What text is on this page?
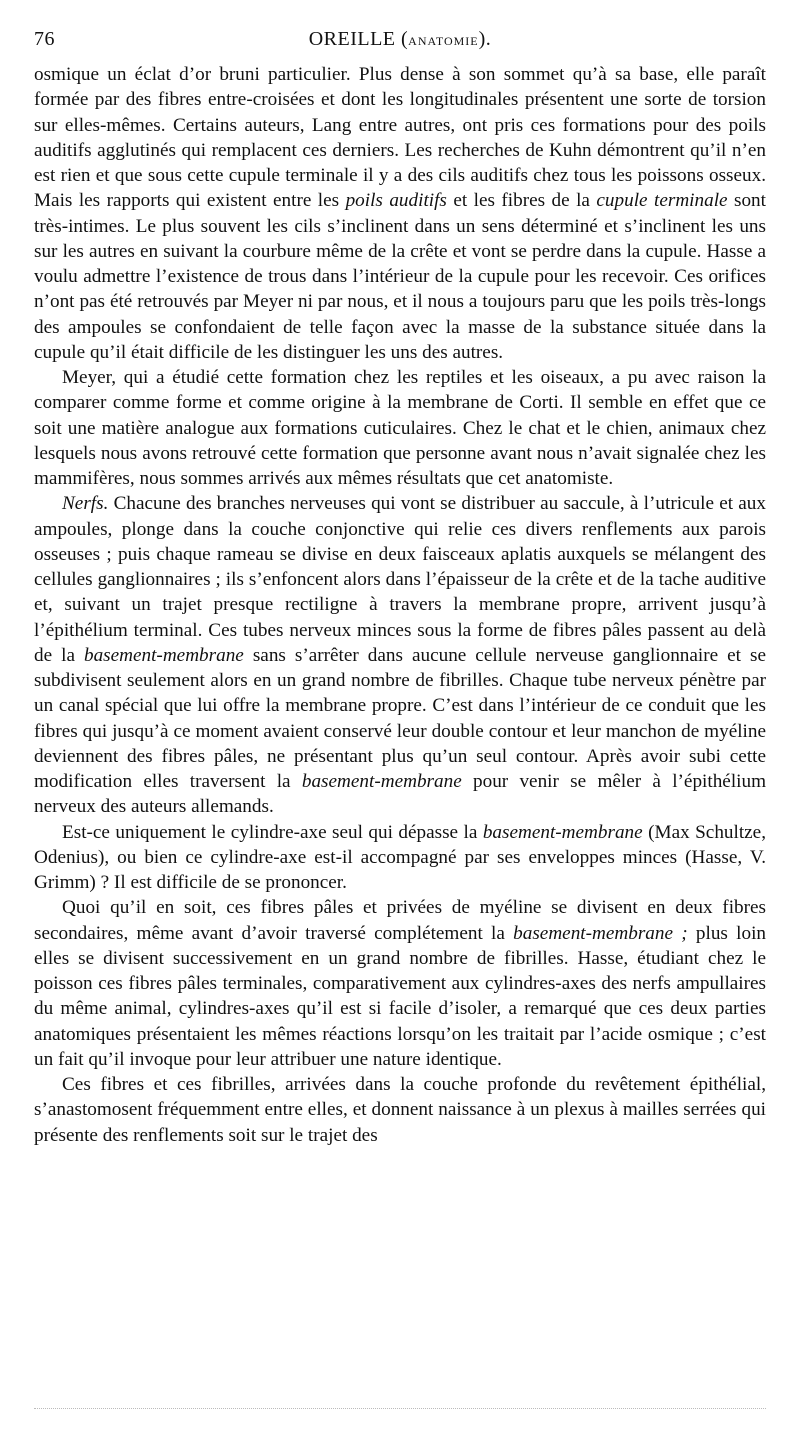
76	OREILLE (anatomie).

osmique un éclat d’or bruni particulier. Plus dense à son sommet qu’à sa base, elle paraît formée par des fibres entre-croisées et dont les longitudinales présentent une sorte de torsion sur elles-mêmes. Certains auteurs, Lang entre autres, ont pris ces formations pour des poils auditifs agglutinés qui remplacent ces derniers. Les recherches de Kuhn démontrent qu’il n’en est rien et que sous cette cupule terminale il y a des cils auditifs chez tous les poissons osseux. Mais les rapports qui existent entre les poils auditifs et les fibres de la cupule terminale sont très-intimes. Le plus souvent les cils s’inclinent dans un sens déterminé et s’inclinent les uns sur les autres en suivant la courbure même de la crête et vont se perdre dans la cupule. Hasse a voulu admettre l’existence de trous dans l’intérieur de la cupule pour les recevoir. Ces orifices n’ont pas été retrouvés par Meyer ni par nous, et il nous a toujours paru que les poils très-longs des ampoules se confondaient de telle façon avec la masse de la substance située dans la cupule qu’il était difficile de les distinguer les uns des autres.

Meyer, qui a étudié cette formation chez les reptiles et les oiseaux, a pu avec raison la comparer comme forme et comme origine à la membrane de Corti. Il semble en effet que ce soit une matière analogue aux formations cuticulaires. Chez le chat et le chien, animaux chez lesquels nous avons retrouvé cette formation que personne avant nous n’avait signalée chez les mammifères, nous sommes arrivés aux mêmes résultats que cet anatomiste.

Nerfs. Chacune des branches nerveuses qui vont se distribuer au saccule, à l’utricule et aux ampoules, plonge dans la couche conjonctive qui relie ces divers renflements aux parois osseuses ; puis chaque rameau se divise en deux faisceaux aplatis auxquels se mélangent des cellules ganglionnaires ; ils s’enfoncent alors dans l’épaisseur de la crête et de la tache auditive et, suivant un trajet presque rectiligne à travers la membrane propre, arrivent jusqu’à l’épithélium terminal. Ces tubes nerveux minces sous la forme de fibres pâles passent au delà de la basement-membrane sans s’arrêter dans aucune cellule nerveuse ganglionnaire et se subdivisent seulement alors en un grand nombre de fibrilles. Chaque tube nerveux pénètre par un canal spécial que lui offre la membrane propre. C’est dans l’intérieur de ce conduit que les fibres qui jusqu’à ce moment avaient conservé leur double contour et leur manchon de myéline deviennent des fibres pâles, ne présentant plus qu’un seul contour. Après avoir subi cette modification elles traversent la basement-membrane pour venir se mêler à l’épithélium nerveux des auteurs allemands.

Est-ce uniquement le cylindre-axe seul qui dépasse la basement-membrane (Max Schultze, Odenius), ou bien ce cylindre-axe est-il accompagné par ses enveloppes minces (Hasse, V. Grimm) ? Il est difficile de se prononcer.

Quoi qu’il en soit, ces fibres pâles et privées de myéline se divisent en deux fibres secondaires, même avant d’avoir traversé complétement la basement-membrane ; plus loin elles se divisent successivement en un grand nombre de fibrilles. Hasse, étudiant chez le poisson ces fibres pâles terminales, comparativement aux cylindres-axes des nerfs ampullaires du même animal, cylindres-axes qu’il est si facile d’isoler, a remarqué que ces deux parties anatomiques présentaient les mêmes réactions lorsqu’on les traitait par l’acide osmique ; c’est un fait qu’il invoque pour leur attribuer une nature identique.

Ces fibres et ces fibrilles, arrivées dans la couche profonde du revêtement épithélial, s’anastomosent fréquemment entre elles, et donnent naissance à un plexus à mailles serrées qui présente des renflements soit sur le trajet des
